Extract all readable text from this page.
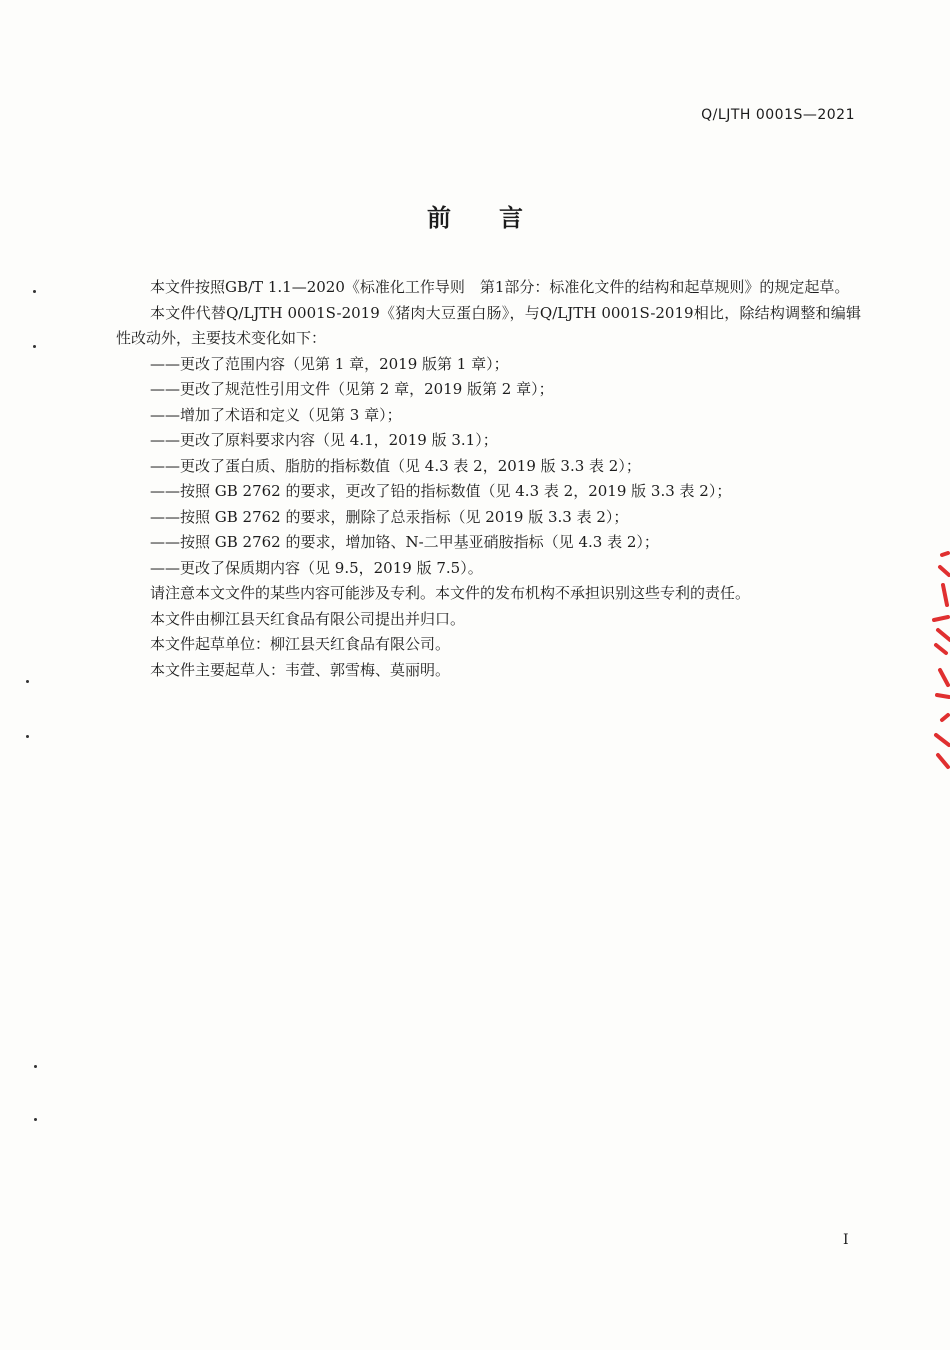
Q/LJTH 0001S—2021
前言

本文件按照GB/T 1.1—2020《标准化工作导则　第1部分：标准化文件的结构和起草规则》的规定起草。

本文件代替Q/LJTH 0001S-2019《猪肉大豆蛋白肠》，与Q/LJTH 0001S-2019相比，除结构调整和编辑性改动外，主要技术变化如下：

——更改了范围内容（见第 1 章，2019 版第 1 章）；

——更改了规范性引用文件（见第 2 章，2019 版第 2 章）；

——增加了术语和定义（见第 3 章）；

——更改了原料要求内容（见 4.1，2019 版 3.1）；

——更改了蛋白质、脂肪的指标数值（见 4.3 表 2，2019 版 3.3 表 2）；

——按照 GB 2762 的要求，更改了铅的指标数值（见 4.3 表 2，2019 版 3.3 表 2）；

——按照 GB 2762 的要求，删除了总汞指标（见 2019 版 3.3 表 2）；

——按照 GB 2762 的要求，增加铬、N-二甲基亚硝胺指标（见 4.3 表 2）；

——更改了保质期内容（见 9.5，2019 版 7.5）。

请注意本文文件的某些内容可能涉及专利。本文件的发布机构不承担识别这些专利的责任。

本文件由柳江县天红食品有限公司提出并归口。

本文件起草单位：柳江县天红食品有限公司。

本文件主要起草人：韦萱、郭雪梅、莫丽明。

I
